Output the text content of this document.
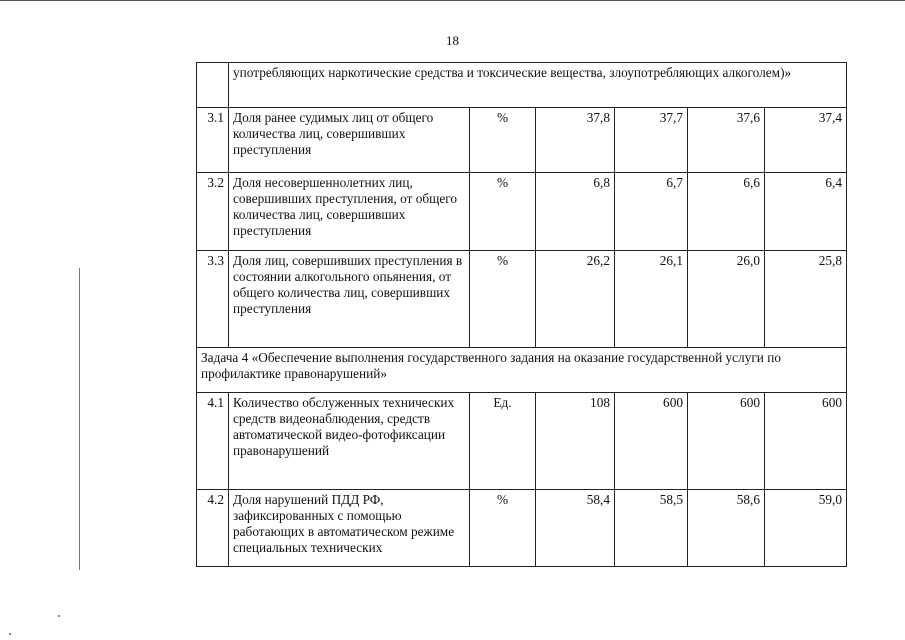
18
	употребляющих наркотические средства и токсические вещества, злоупотребляющих алкоголем)»					
3.1	Доля ранее судимых лиц от общего количества лиц, совершивших преступления	%	37,8	37,7	37,6	37,4
3.2	Доля несовершеннолетних лиц, совершивших преступления, от общего количества лиц, совершивших преступления	%	6,8	6,7	6,6	6,4
3.3	Доля лиц, совершивших преступления в состоянии алкогольного опьянения, от общего количества лиц, совершивших преступления	%	26,2	26,1	26,0	25,8
Задача 4 «Обеспечение выполнения государственного задания на оказание государственной услуги по профилактике правонарушений»						
4.1	Количество обслуженных технических средств видеонаблюдения, средств автоматической видео-фотофиксации правонарушений	Ед.	108	600	600	600
4.2	Доля нарушений ПДД РФ, зафиксированных с помощью работающих в автоматическом режиме специальных технических	%	58,4	58,5	58,6	59,0
